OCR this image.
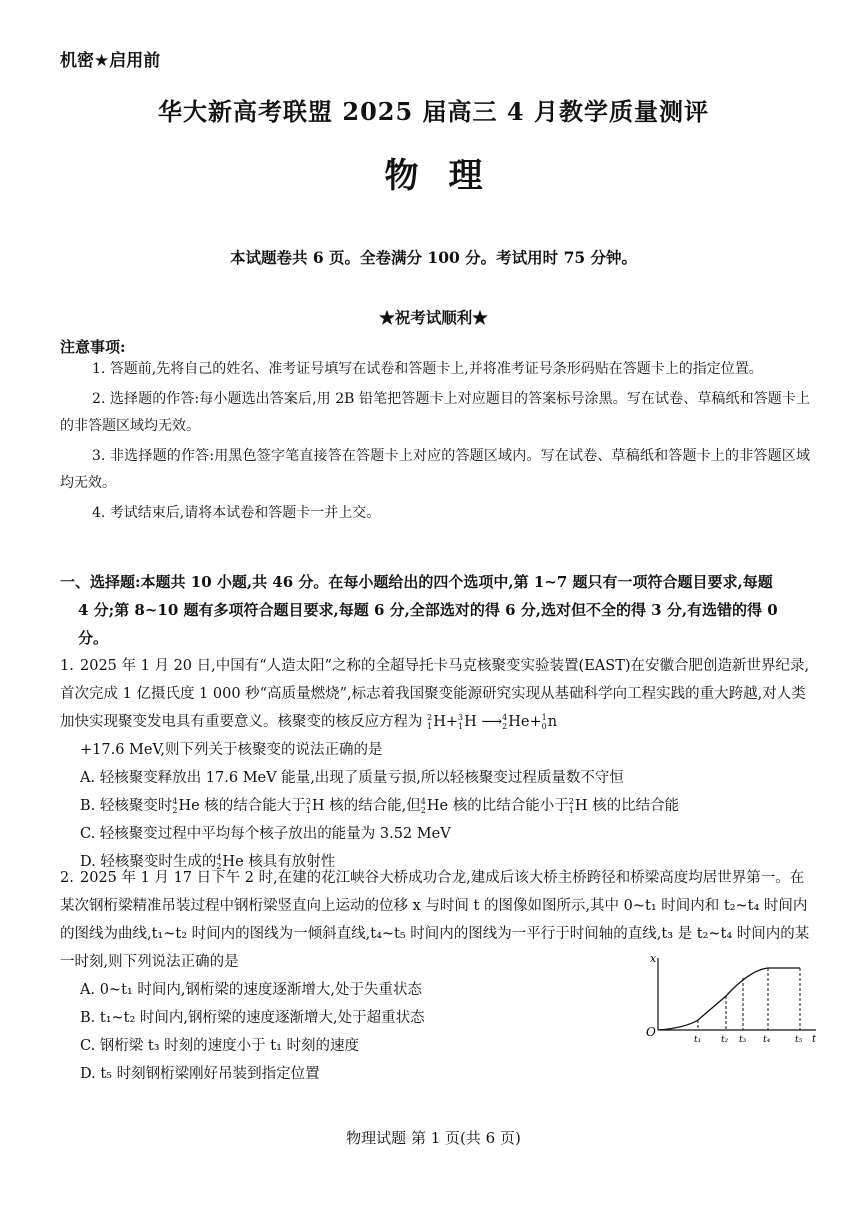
机密★启用前
华大新高考联盟 2025 届高三 4 月教学质量测评
物理
本试题卷共 6 页。全卷满分 100 分。考试用时 75 分钟。
★祝考试顺利★
注意事项:

1. 答题前,先将自己的姓名、准考证号填写在试卷和答题卡上,并将准考证号条形码贴在答题卡上的指定位置。

2. 选择题的作答:每小题选出答案后,用 2B 铅笔把答题卡上对应题目的答案标号涂黑。写在试卷、草稿纸和答题卡上的非答题区域均无效。

3. 非选择题的作答:用黑色签字笔直接答在答题卡上对应的答题区域内。写在试卷、草稿纸和答题卡上的非答题区域均无效。

4. 考试结束后,请将本试卷和答题卡一并上交。

一、选择题:本题共 10 小题,共 46 分。在每小题给出的四个选项中,第 1~7 题只有一项符合题目要求,每题
4 分;第 8~10 题有多项符合题目要求,每题 6 分,全部选对的得 6 分,选对但不全的得 3 分,有选错的得 0 分。
1. 2025 年 1 月 20 日,中国有“人造太阳”之称的全超导托卡马克核聚变实验装置(EAST)在安徽合肥创造新世界纪录,首次完成 1 亿摄氏度 1 000 秒“高质量燃烧”,标志着我国聚变能源研究实现从基础科学向工程实践的重大跨越,对人类加快实现聚变发电具有重要意义。核聚变的核反应方程为 2
1 H+ 3
1 H ⟶ 4
2 He+ 1
0 n
+17.6 MeV,则下列关于核聚变的说法正确的是
A. 轻核聚变释放出 17.6 MeV 能量,出现了质量亏损,所以轻核聚变过程质量数不守恒
B. 轻核聚变时 4
2 He 核的结合能大于 2
1 H 核的结合能,但 4
2 He 核的比结合能小于 2
1 H 核的比结合能
C. 轻核聚变过程中平均每个核子放出的能量为 3.52 MeV
D. 轻核聚变时生成的 4
2 He 核具有放射性
2. 2025 年 1 月 17 日下午 2 时,在建的花江峡谷大桥成功合龙,建成后该大桥主桥跨径和桥梁高度均居世界第一。在某次钢桁梁精准吊装过程中钢桁梁竖直向上运动的位移 x 与时间 t 的图像如图所示,其中 0~t₁ 时间内和 t₂~t₄ 时间内的图线为曲线,t₁~t₂ 时间内的图线为一倾斜直线,t₄~t₅ 时间内的图线为一平行于时间轴的直线,t₃ 是 t₂~t₄ 时间内的某一时刻,则下列说法正确的是
A. 0~t₁ 时间内,钢桁梁的速度逐渐增大,处于失重状态
B. t₁~t₂ 时间内,钢桁梁的速度逐渐增大,处于超重状态
C. 钢桁梁 t₃ 时刻的速度小于 t₁ 时刻的速度
D. t₅ 时刻钢桁梁刚好吊装到指定位置
x
O
t
t₁ t₂ t₃ t₄	t₅
物理试题 第 1 页(共 6 页)
